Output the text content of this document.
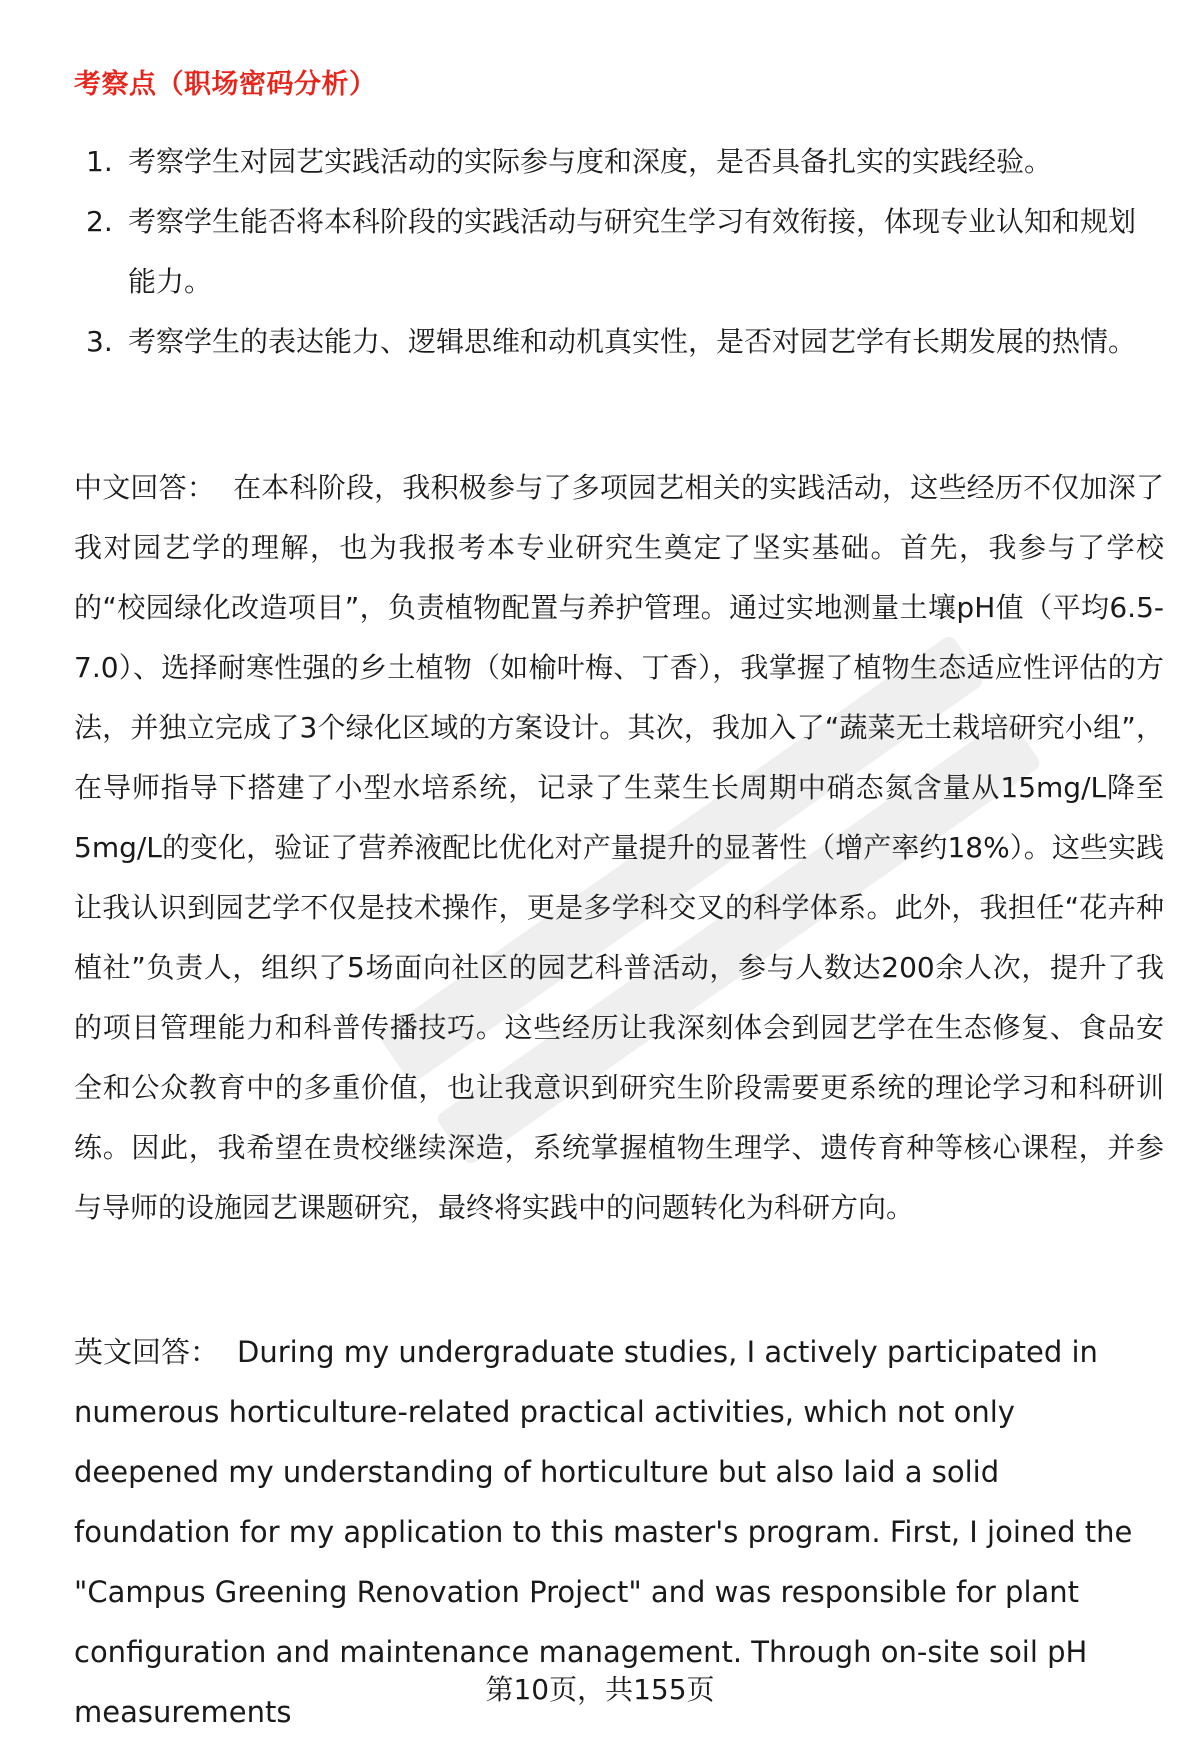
考察点（职场密码分析）
1. 考察学生对园艺实践活动的实际参与度和深度，是否具备扎实的实践经验。
2. 考察学生能否将本科阶段的实践活动与研究生学习有效衔接，体现专业认知和规划能力。
3. 考察学生的表达能力、逻辑思维和动机真实性，是否对园艺学有长期发展的热情。

中文回答： 在本科阶段，我积极参与了多项园艺相关的实践活动，这些经历不仅加深了我对园艺学的理解，也为我报考本专业研究生奠定了坚实基础。首先，我参与了学校的“校园绿化改造项目”，负责植物配置与养护管理。通过实地测量土壤pH值（平均6.5-7.0）、选择耐寒性强的乡土植物（如榆叶梅、丁香），我掌握了植物生态适应性评估的方法，并独立完成了3个绿化区域的方案设计。其次，我加入了“蔬菜无土栽培研究小组”，在导师指导下搭建了小型水培系统，记录了生菜生长周期中硝态氮含量从15mg/L降至5mg/L的变化，验证了营养液配比优化对产量提升的显著性（增产率约18%）。这些实践让我认识到园艺学不仅是技术操作，更是多学科交叉的科学体系。此外，我担任“花卉种植社”负责人，组织了5场面向社区的园艺科普活动，参与人数达200余人次，提升了我的项目管理能力和科普传播技巧。这些经历让我深刻体会到园艺学在生态修复、食品安全和公众教育中的多重价值，也让我意识到研究生阶段需要更系统的理论学习和科研训练。因此，我希望在贵校继续深造，系统掌握植物生理学、遗传育种等核心课程，并参与导师的设施园艺课题研究，最终将实践中的问题转化为科研方向。

英文回答： During my undergraduate studies, I actively participated in numerous horticulture-related practical activities, which not only deepened my understanding of horticulture but also laid a solid foundation for my application to this master's program. First, I joined the "Campus Greening Renovation Project" and was responsible for plant configuration and maintenance management. Through on-site soil pH measurements

第10页，共155页
